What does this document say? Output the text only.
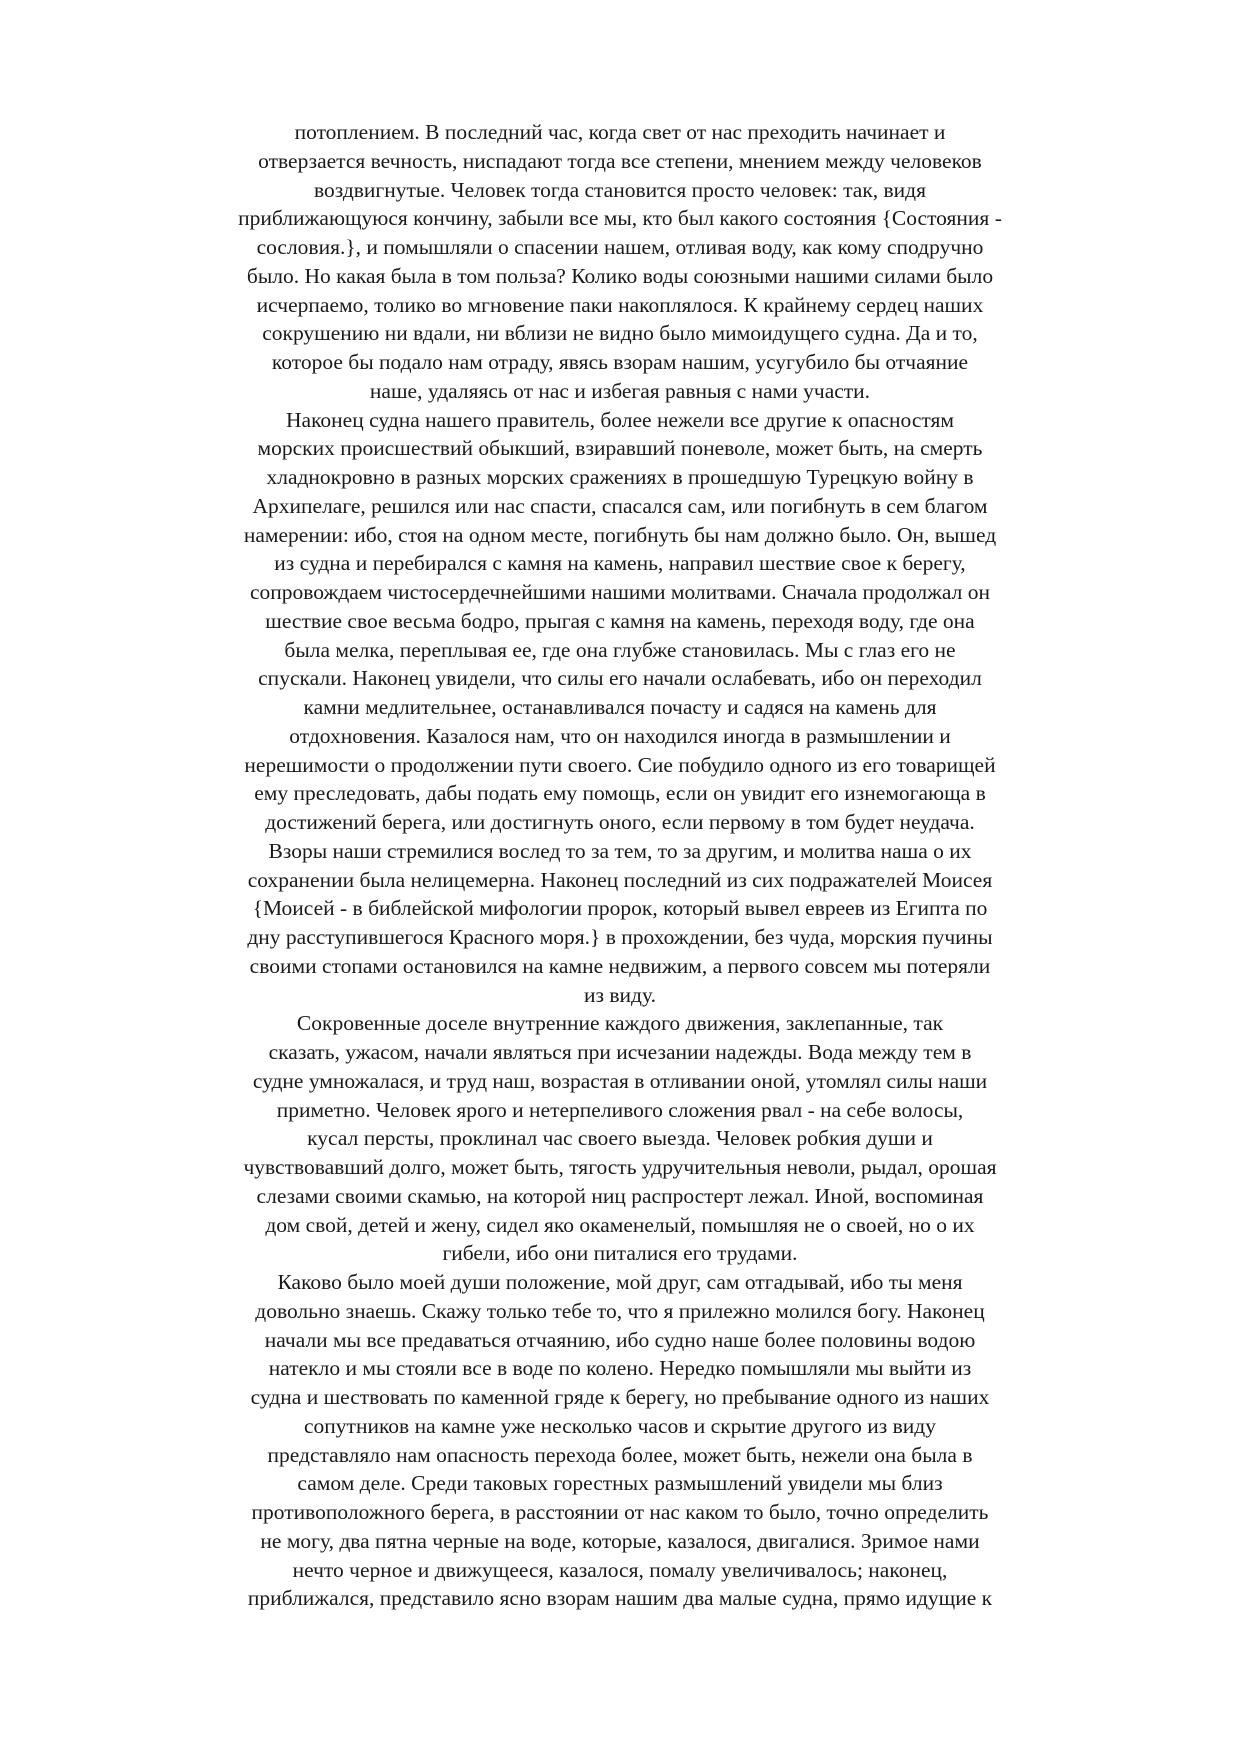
потоплением. В последний час, когда свет от нас преходить начинает и
отверзается вечность, ниспадают тогда все степени, мнением между человеков
воздвигнутые. Человек тогда становится просто человек: так, видя
приближающуюся кончину, забыли все мы, кто был какого состояния {Состояния -
сословия.}, и помышляли о спасении нашем, отливая воду, как кому сподручно
было. Но какая была в том польза? Колико воды союзными нашими силами было
исчерпаемо, толико во мгновение паки накоплялося. К крайнему сердец наших
сокрушению ни вдали, ни вблизи не видно было мимоидущего судна. Да и то,
которое бы подало нам отраду, явясь взорам нашим, усугубило бы отчаяние
наше, удаляясь от нас и избегая равныя с нами участи.
Наконец судна нашего правитель, более нежели все другие к опасностям
морских происшествий обыкший, взиравший поневоле, может быть, на смерть
хладнокровно в разных морских сражениях в прошедшую Турецкую войну в
Архипелаге, решился или нас спасти, спасался сам, или погибнуть в сем благом
намерении: ибо, стоя на одном месте, погибнуть бы нам должно было. Он, вышед
из судна и перебирался с камня на камень, направил шествие свое к берегу,
сопровождаем чистосердечнейшими нашими молитвами. Сначала продолжал он
шествие свое весьма бодро, прыгая с камня на камень, переходя воду, где она
была мелка, переплывая ее, где она глубже становилась. Мы с глаз его не
спускали. Наконец увидели, что силы его начали ослабевать, ибо он переходил
камни медлительнее, останавливался почасту и садяся на камень для
отдохновения. Казалося нам, что он находился иногда в размышлении и
нерешимости о продолжении пути своего. Сие побудило одного из его товарищей
ему преследовать, дабы подать ему помощь, если он увидит его изнемогающа в
достижений берега, или достигнуть оного, если первому в том будет неудача.
Взоры наши стремилися вослед то за тем, то за другим, и молитва наша о их
сохранении была нелицемерна. Наконец последний из сих подражателей Моисея
{Моисей - в библейской мифологии пророк, который вывел евреев из Египта по
дну расступившегося Красного моря.} в прохождении, без чуда, морския пучины
своими стопами остановился на камне недвижим, а первого совсем мы потеряли
из виду.
Сокровенные доселе внутренние каждого движения, заклепанные, так
сказать, ужасом, начали являться при исчезании надежды. Вода между тем в
судне умножалася, и труд наш, возрастая в отливании оной, утомлял силы наши
приметно. Человек ярого и нетерпеливого сложения рвал - на себе волосы,
кусал персты, проклинал час своего выезда. Человек робкия души и
чувствовавший долго, может быть, тягость удручительныя неволи, рыдал, орошая
слезами своими скамью, на которой ниц распростерт лежал. Иной, воспоминая
дом свой, детей и жену, сидел яко окаменелый, помышляя не о своей, но о их
гибели, ибо они питалися его трудами.
Каково было моей души положение, мой друг, сам отгадывай, ибо ты меня
довольно знаешь. Скажу только тебе то, что я прилежно молился богу. Наконец
начали мы все предаваться отчаянию, ибо судно наше более половины водою
натекло и мы стояли все в воде по колено. Нередко помышляли мы выйти из
судна и шествовать по каменной гряде к берегу, но пребывание одного из наших
сопутников на камне уже несколько часов и скрытие другого из виду
представляло нам опасность перехода более, может быть, нежели она была в
самом деле. Среди таковых горестных размышлений увидели мы близ
противоположного берега, в расстоянии от нас каком то было, точно определить
не могу, два пятна черные на воде, которые, казалося, двигалися. Зримое нами
нечто черное и движущееся, казалося, помалу увеличивалось; наконец,
приближался, представило ясно взорам нашим два малые судна, прямо идущие к
